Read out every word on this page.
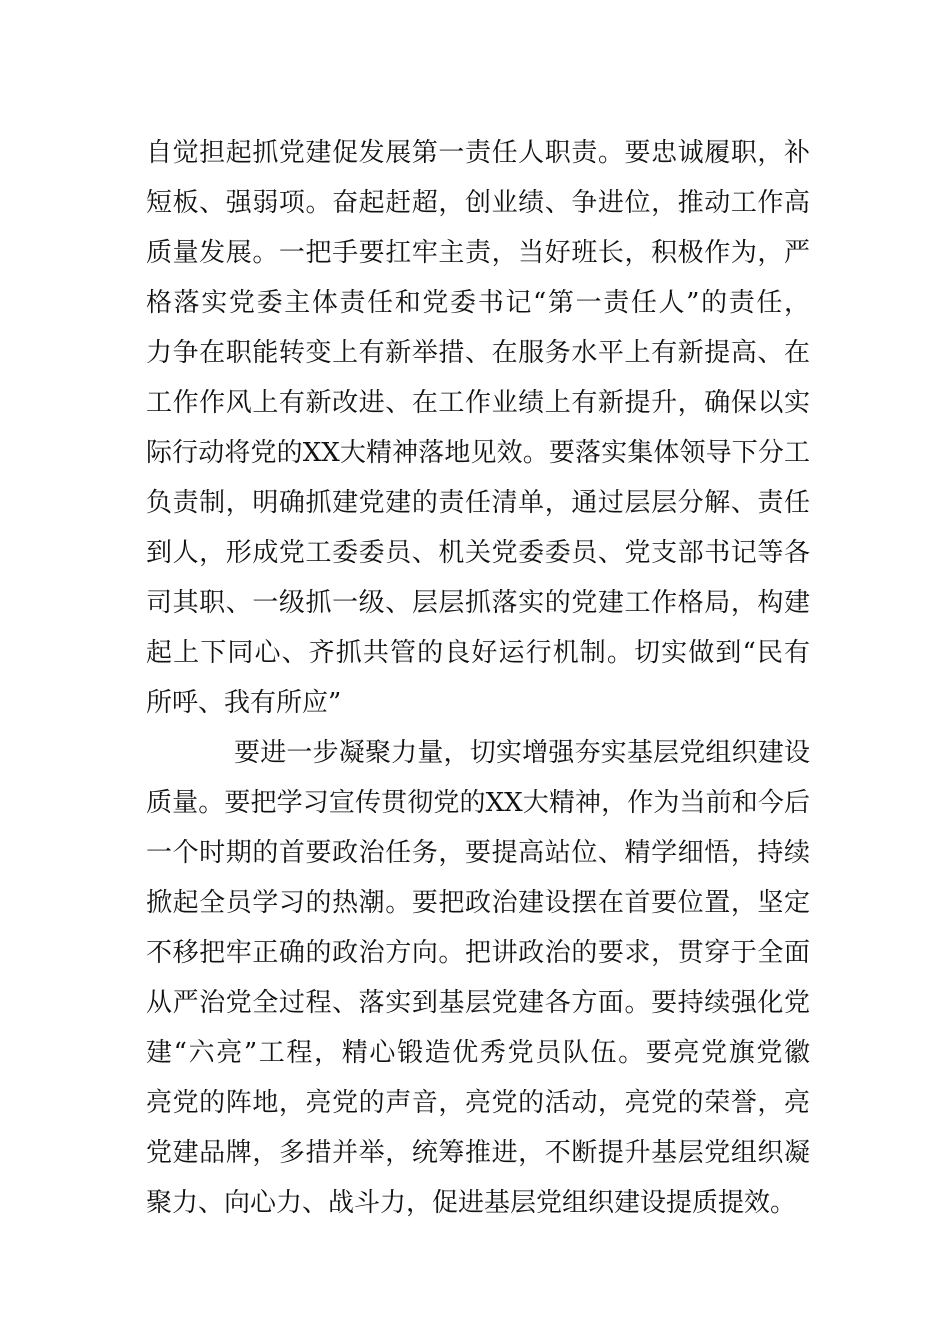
自觉担起抓党建促发展第一责任人职责。要忠诚履职，补
短板、强弱项。奋起赶超，创业绩、争进位，推动工作高
质量发展。一把手要扛牢主责，当好班长，积极作为，严
格落实党委主体责任和党委书记“第一责任人”的责任，
力争在职能转变上有新举措、在服务水平上有新提高、在
工作作风上有新改进、在工作业绩上有新提升，确保以实
际行动将党的XX大精神落地见效。要落实集体领导下分工
负责制，明确抓建党建的责任清单，通过层层分解、责任
到人，形成党工委委员、机关党委委员、党支部书记等各
司其职、一级抓一级、层层抓落实的党建工作格局，构建
起上下同心、齐抓共管的良好运行机制。切实做到“民有
所呼、我有所应”
要进一步凝聚力量，切实增强夯实基层党组织建设
质量。要把学习宣传贯彻党的XX大精神，作为当前和今后
一个时期的首要政治任务，要提高站位、精学细悟，持续
掀起全员学习的热潮。要把政治建设摆在首要位置，坚定
不移把牢正确的政治方向。把讲政治的要求，贯穿于全面
从严治党全过程、落实到基层党建各方面。要持续强化党
建“六亮”工程，精心锻造优秀党员队伍。要亮党旗党徽
亮党的阵地，亮党的声音，亮党的活动，亮党的荣誉，亮
党建品牌，多措并举，统筹推进，不断提升基层党组织凝
聚力、向心力、战斗力，促进基层党组织建设提质提效。
